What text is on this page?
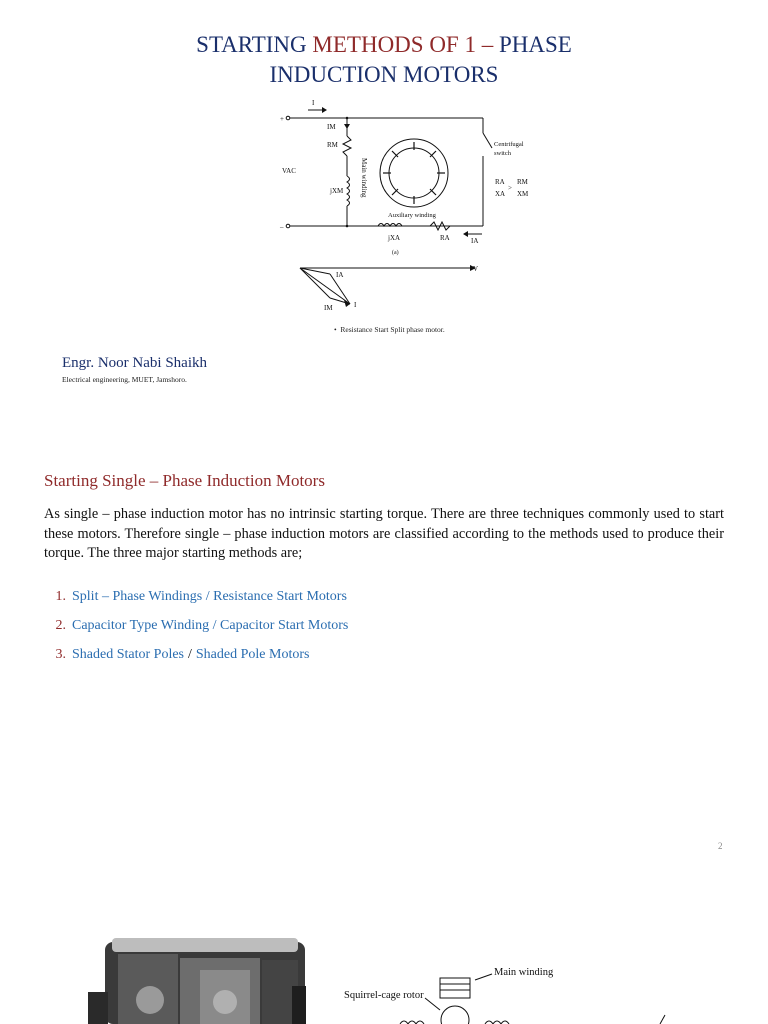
STARTING METHODS OF 1 – PHASE
INDUCTION MOTORS
I
+
–
IM
RM
jXM
VAC
Centrifugal
switch
RA
XA
>
RM
XM
Auxiliary winding
jXA	RA	IA
(a)
IA
V
I
IM
Main winding
•  Resistance Start Split phase motor.
Engr. Noor Nabi Shaikh
Electrical engineering, MUET, Jamshoro.
Starting Single – Phase Induction Motors
As single – phase induction motor has no intrinsic starting torque. There are three techniques commonly used to start these motors. Therefore single – phase induction motors are classified according to the methods used to produce their torque. The three major starting methods are;
1. Split – Phase Windings / Resistance Start Motors
2. Capacitor Type Winding / Capacitor Start Motors
3. Shaded Stator Poles / Shaded Pole Motors
2
Main winding
Squirrel-cage rotor
